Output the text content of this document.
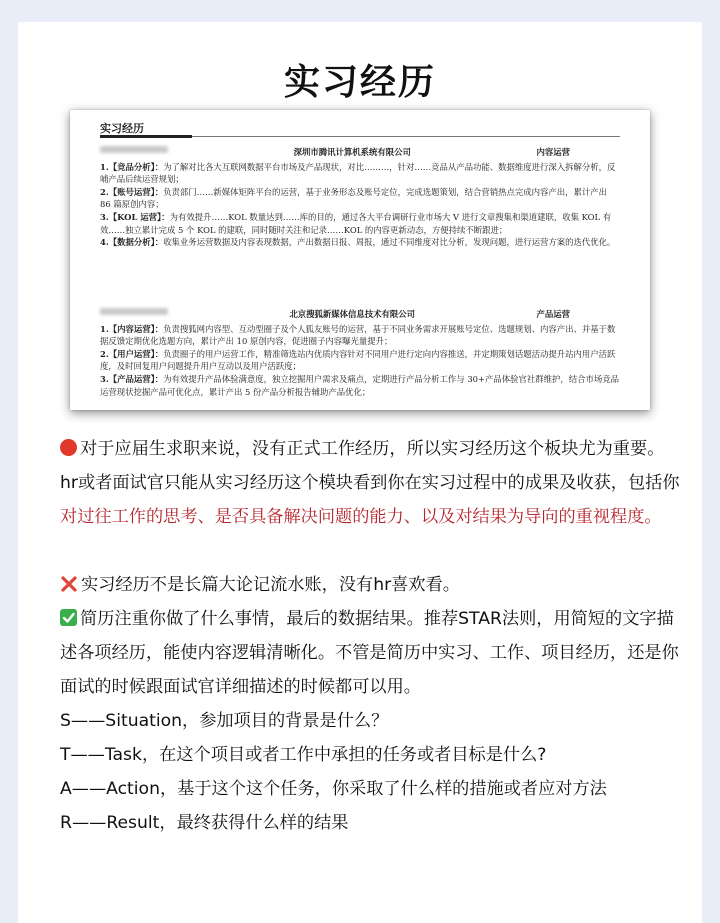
实习经历
实习经历
深圳市腾讯计算机系统有限公司	内容运营

1.【竞品分析】：为了解对比各大互联网数据平台市场及产品现状，对比………，针对……竞品从产品功能、数据维度进行深入拆解分析，反哺产品后续运营规划；

2.【账号运营】：负责部门……新媒体矩阵平台的运营，基于业务形态及账号定位，完成选题策划，结合营销热点完成内容产出，累计产出 86 篇原创内容；

3.【KOL 运营】：为有效提升……KOL 数量达到……库的目的，通过各大平台调研行业市场大 V 进行文章搜集和渠道建联，收集 KOL 有效……独立累计完成 5 个 KOL 的建联，同时随时关注和记录……KOL 的内容更新动态，方便持续不断跟进；

4.【数据分析】：收集业务运营数据及内容表现数据，产出数据日报、周报，通过不同维度对比分析，发现问题，进行运营方案的迭代优化。

北京搜狐新媒体信息技术有限公司	产品运营

1.【内容运营】：负责搜狐网内容型、互动型圈子及个人狐友账号的运营，基于不同业务需求开展账号定位、选题规划、内容产出、并基于数据反馈定期优化选题方向，累计产出 10 原创内容，促进圈子内容曝光量提升；

2.【用户运营】：负责圈子的用户运营工作，精准筛选站内优质内容针对不同用户进行定向内容推送，并定期策划话题活动提升站内用户活跃度，及时回复用户问题提升用户互动以及用户活跃度；

3.【产品运营】：为有效提升产品体验满意度，独立挖掘用户需求及痛点，定期进行产品分析工作与 30+产品体验官社群维护，结合市场竞品运营现状挖掘产品可优化点，累计产出 5 份产品分析报告辅助产品优化；

对于应届生求职来说，没有正式工作经历，所以实习经历这个板块尤为重要。

hr或者面试官只能从实习经历这个模块看到你在实习过程中的成果及收获，包括你对过往工作的思考、是否具备解决问题的能力、以及对结果为导向的重视程度。

实习经历不是长篇大论记流水账，没有hr喜欢看。

简历注重你做了什么事情，最后的数据结果。推荐STAR法则，用简短的文字描述各项经历，能使内容逻辑清晰化。不管是简历中实习、工作、项目经历，还是你面试的时候跟面试官详细描述的时候都可以用。

S——Situation，参加项目的背景是什么？

T——Task，在这个项目或者工作中承担的任务或者目标是什么?

A——Action，基于这个这个任务，你采取了什么样的措施或者应对方法

R——Result，最终获得什么样的结果
